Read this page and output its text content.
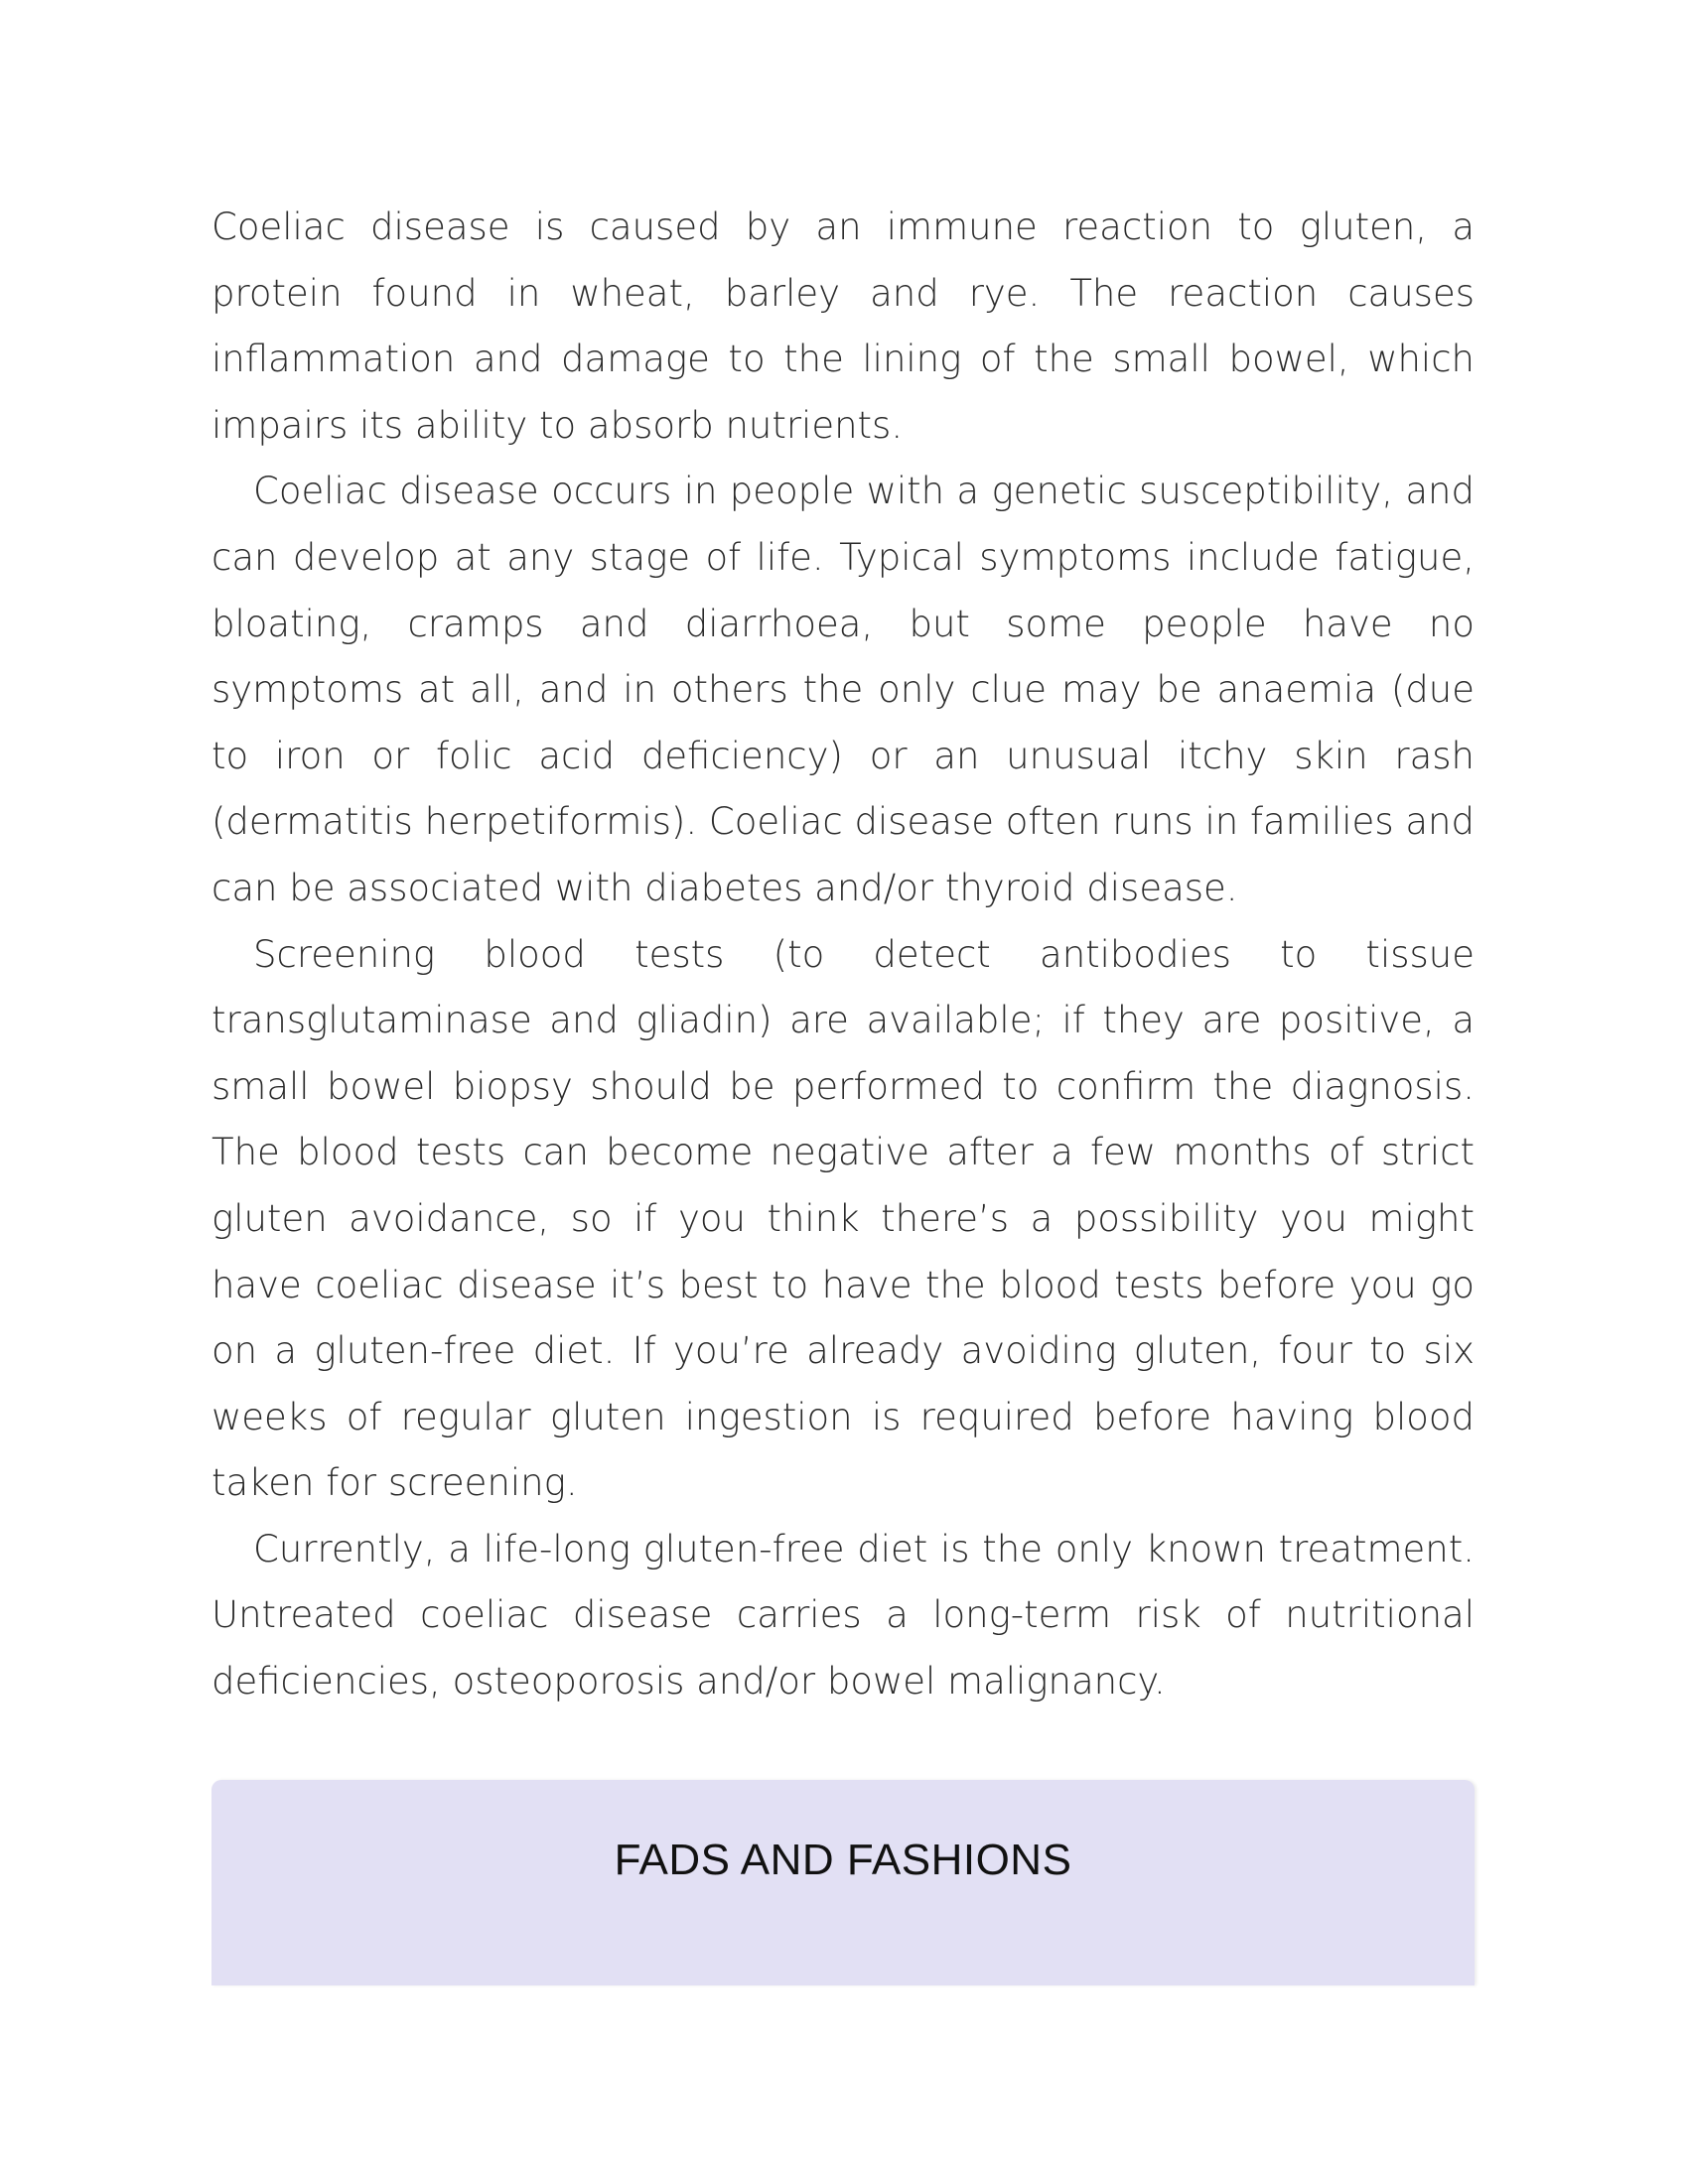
Coeliac disease is caused by an immune reaction to gluten, a protein found in wheat, barley and rye. The reaction causes inflammation and damage to the lining of the small bowel, which impairs its ability to absorb nutrients.

Coeliac disease occurs in people with a genetic susceptibility, and can develop at any stage of life. Typical symptoms include fatigue, bloating, cramps and diarrhoea, but some people have no symptoms at all, and in others the only clue may be anaemia (due to iron or folic acid deficiency) or an unusual itchy skin rash (dermatitis herpetiformis). Coeliac disease often runs in families and can be associated with diabetes and/or thyroid disease.

Screening blood tests (to detect antibodies to tissue transglutaminase and gliadin) are available; if they are positive, a small bowel biopsy should be performed to confirm the diagnosis. The blood tests can become negative after a few months of strict gluten avoidance, so if you think there’s a possibility you might have coeliac disease it’s best to have the blood tests before you go on a gluten-free diet. If you’re already avoiding gluten, four to six weeks of regular gluten ingestion is required before having blood taken for screening.

Currently, a life-long gluten-free diet is the only known treatment. Untreated coeliac disease carries a long-term risk of nutritional deficiencies, osteoporosis and/or bowel malignancy.

FADS AND FASHIONS
